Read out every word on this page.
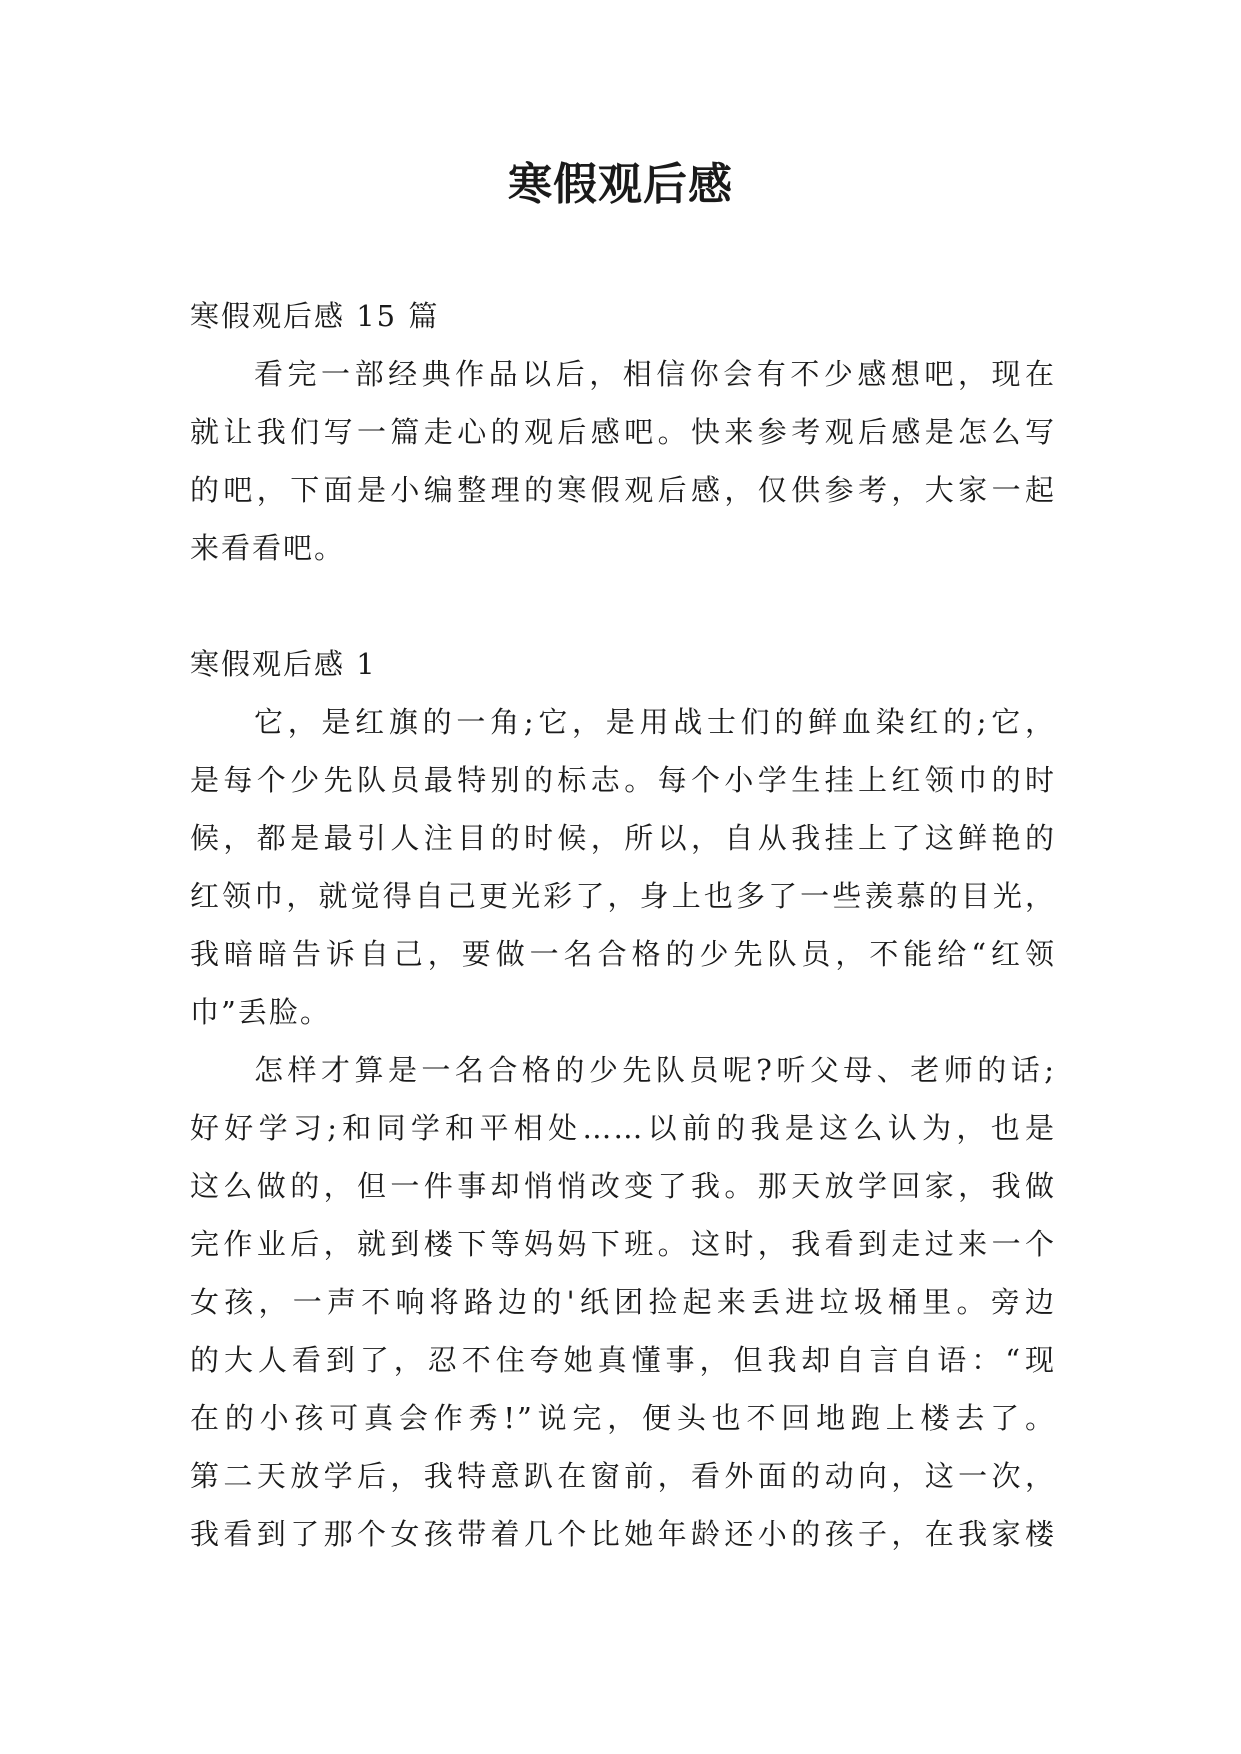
寒假观后感
寒假观后感 15 篇
看完一部经典作品以后，相信你会有不少感想吧，现在
就让我们写一篇走心的观后感吧。快来参考观后感是怎么写
的吧，下面是小编整理的寒假观后感，仅供参考，大家一起
来看看吧。
寒假观后感 1
它，是红旗的一角;它，是用战士们的鲜血染红的;它，
是每个少先队员最特别的标志。每个小学生挂上红领巾的时
候，都是最引人注目的时候，所以，自从我挂上了这鲜艳的
红领巾，就觉得自己更光彩了，身上也多了一些羡慕的目光，
我暗暗告诉自己，要做一名合格的少先队员，不能给“红领
巾”丢脸。
怎样才算是一名合格的少先队员呢?听父母、老师的话;
好好学习;和同学和平相处……以前的我是这么认为，也是
这么做的，但一件事却悄悄改变了我。那天放学回家，我做
完作业后，就到楼下等妈妈下班。这时，我看到走过来一个
女孩，一声不响将路边的'纸团捡起来丢进垃圾桶里。旁边
的大人看到了，忍不住夸她真懂事，但我却自言自语：“现
在的小孩可真会作秀!”说完，便头也不回地跑上楼去了。
第二天放学后，我特意趴在窗前，看外面的动向，这一次，
我看到了那个女孩带着几个比她年龄还小的孩子，在我家楼
